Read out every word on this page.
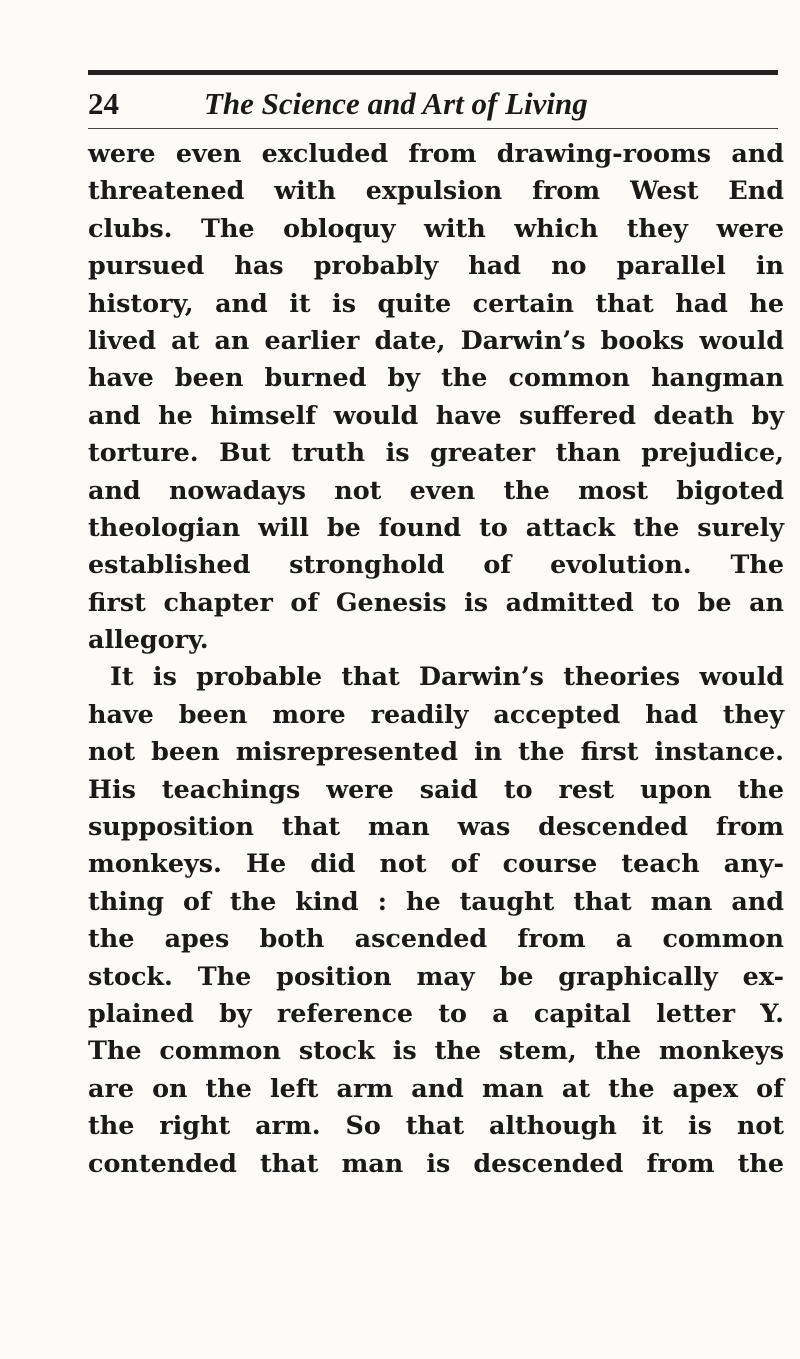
24	The Science and Art of Living
were even excluded from drawing-rooms and
threatened with expulsion from West End
clubs. The obloquy with which they were
pursued has probably had no parallel in
history, and it is quite certain that had he
lived at an earlier date, Darwin’s books would
have been burned by the common hangman
and he himself would have suffered death by
torture. But truth is greater than prejudice,
and nowadays not even the most bigoted
theologian will be found to attack the surely
established stronghold of evolution. The
first chapter of Genesis is admitted to be an
allegory.
It is probable that Darwin’s theories would
have been more readily accepted had they
not been misrepresented in the first instance.
His teachings were said to rest upon the
supposition that man was descended from
monkeys. He did not of course teach any-
thing of the kind : he taught that man and
the apes both ascended from a common
stock. The position may be graphically ex-
plained by reference to a capital letter Y.
The common stock is the stem, the monkeys
are on the left arm and man at the apex of
the right arm. So that although it is not
contended that man is descended from the
